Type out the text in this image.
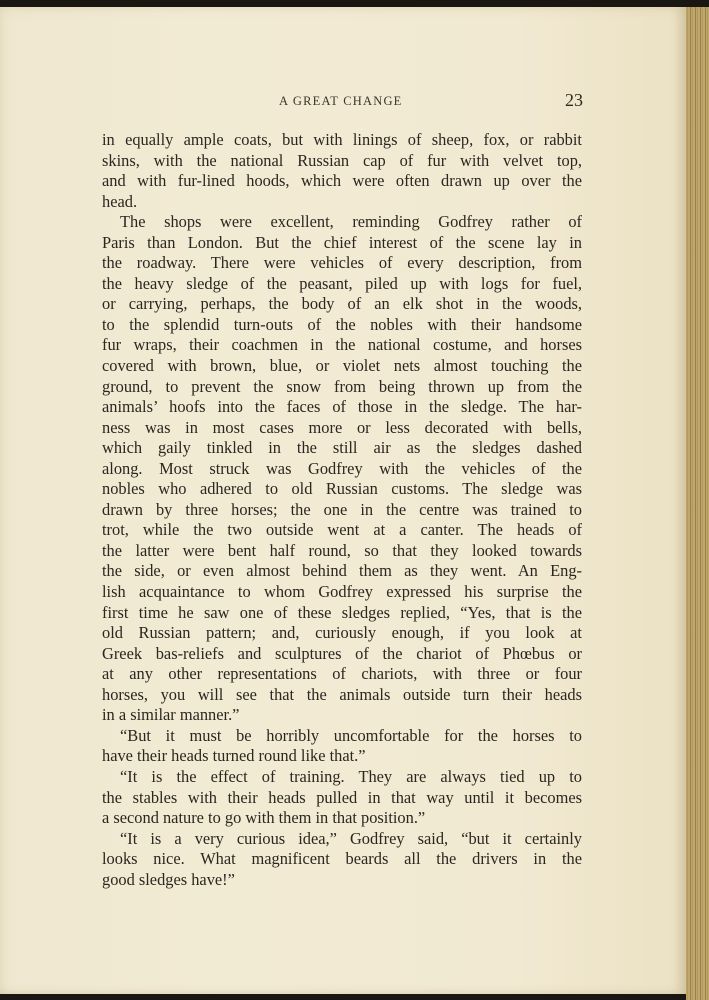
A GREAT CHANGE	23
in equally ample coats, but with linings of sheep, fox, or rabbit
skins, with the national Russian cap of fur with velvet top,
and with fur-lined hoods, which were often drawn up over the
head.
The shops were excellent, reminding Godfrey rather of
Paris than London. But the chief interest of the scene lay in
the roadway. There were vehicles of every description, from
the heavy sledge of the peasant, piled up with logs for fuel,
or carrying, perhaps, the body of an elk shot in the woods,
to the splendid turn-outs of the nobles with their handsome
fur wraps, their coachmen in the national costume, and horses
covered with brown, blue, or violet nets almost touching the
ground, to prevent the snow from being thrown up from the
animals’ hoofs into the faces of those in the sledge. The har-
ness was in most cases more or less decorated with bells,
which gaily tinkled in the still air as the sledges dashed
along. Most struck was Godfrey with the vehicles of the
nobles who adhered to old Russian customs. The sledge was
drawn by three horses; the one in the centre was trained to
trot, while the two outside went at a canter. The heads of
the latter were bent half round, so that they looked towards
the side, or even almost behind them as they went. An Eng-
lish acquaintance to whom Godfrey expressed his surprise the
first time he saw one of these sledges replied, “Yes, that is the
old Russian pattern; and, curiously enough, if you look at
Greek bas-reliefs and sculptures of the chariot of Phœbus or
at any other representations of chariots, with three or four
horses, you will see that the animals outside turn their heads
in a similar manner.”
“But it must be horribly uncomfortable for the horses to
have their heads turned round like that.”
“It is the effect of training. They are always tied up to
the stables with their heads pulled in that way until it becomes
a second nature to go with them in that position.”
“It is a very curious idea,” Godfrey said, “but it certainly
looks nice. What magnificent beards all the drivers in the
good sledges have!”
